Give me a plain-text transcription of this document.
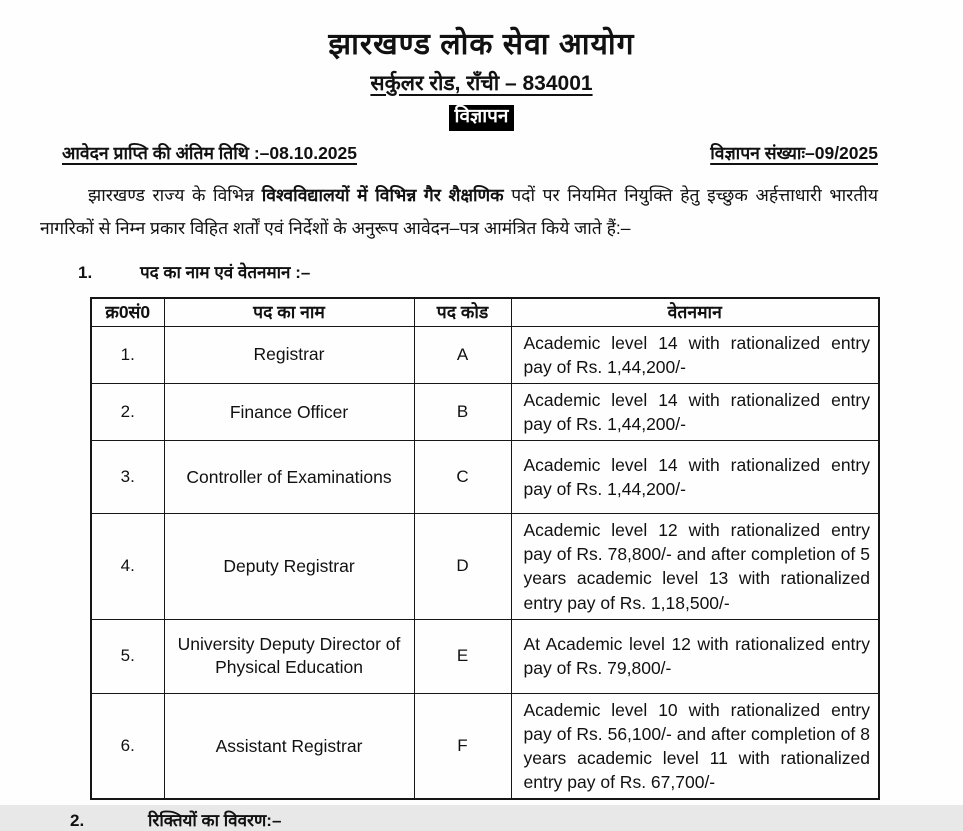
झारखण्ड लोक सेवा आयोग
सर्कुलर रोड, राँची – 834001
विज्ञापन
आवेदन प्राप्ति की अंतिम तिथि :–08.10.2025	विज्ञापन संख्याः–09/2025
झारखण्ड राज्य के विभिन्न विश्वविद्यालयों में विभिन्न गैर शैक्षणिक पदों पर नियमित नियुक्ति हेतु इच्छुक अर्हत्ताधारी भारतीय नागरिकों से निम्न प्रकार विहित शर्तों एवं निर्देशों के अनुरूप आवेदन–पत्र आमंत्रित किये जाते हैं:–
1.	पद का नाम एवं वेतनमान :–
क्र0सं0	पद का नाम	पद कोड	वेतनमान
1.	Registrar	A	Academic level 14 with rationalized entry pay of Rs. 1,44,200/-
2.	Finance Officer	B	Academic level 14 with rationalized entry pay of Rs. 1,44,200/-
3.	Controller of Examinations	C	Academic level 14 with rationalized entry pay of Rs. 1,44,200/-
4.	Deputy Registrar	D	Academic level 12 with rationalized entry pay of Rs. 78,800/- and after completion of 5 years academic level 13 with rationalized entry pay of Rs. 1,18,500/-
5.	University Deputy Director of Physical Education	E	At Academic level 12 with rationalized entry pay of Rs. 79,800/-
6.	Assistant Registrar	F	Academic level 10 with rationalized entry pay of Rs. 56,100/- and after completion of 8 years academic level 11 with rationalized entry pay of Rs. 67,700/-
2.	रिक्तियों का विवरण:–
